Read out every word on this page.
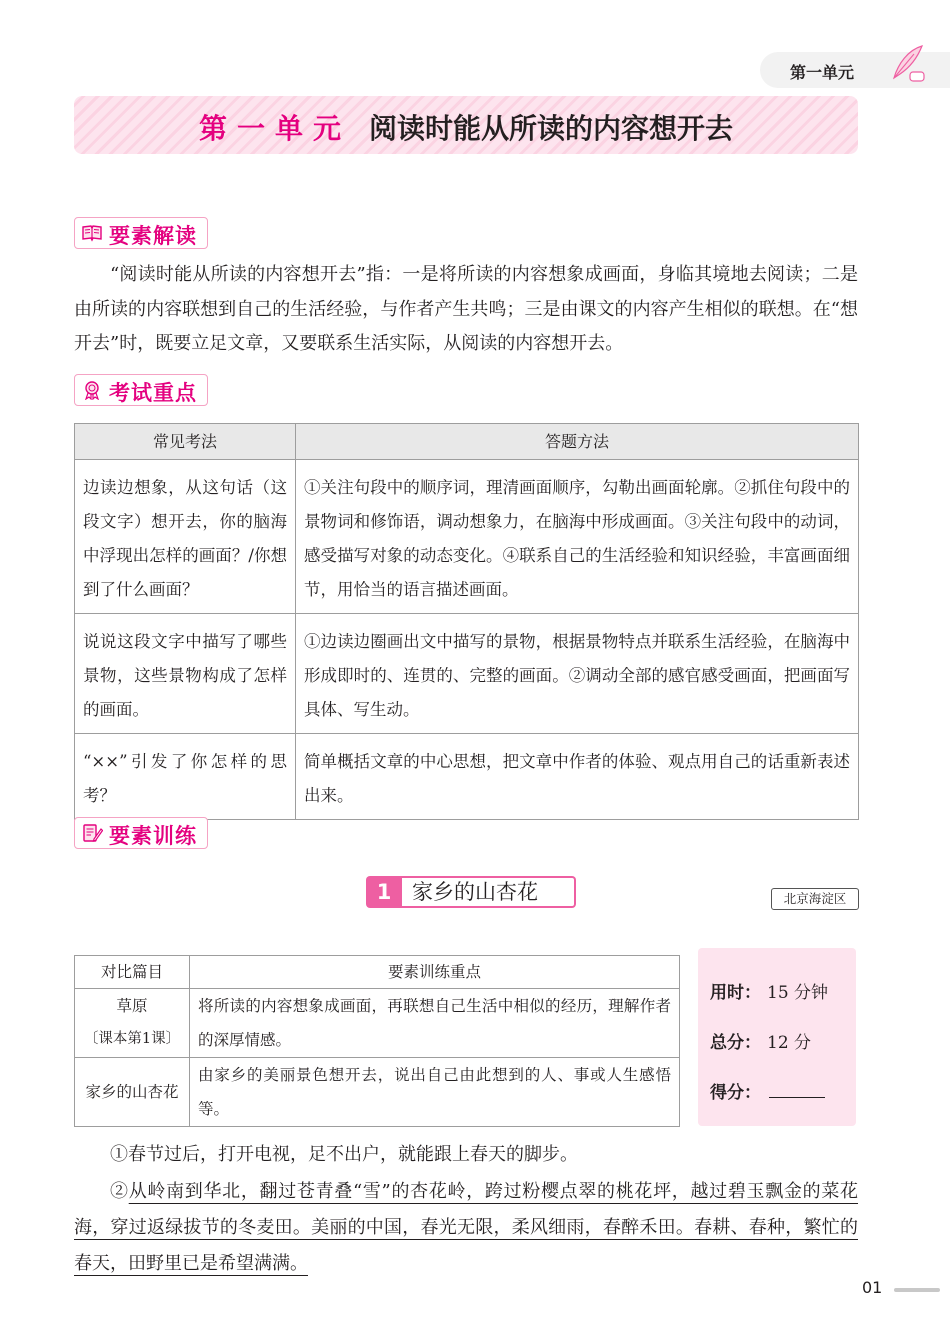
第一单元
第一单元 阅读时能从所读的内容想开去
要素解读
“阅读时能从所读的内容想开去”指：一是将所读的内容想象成画面，身临其境地去阅读；二是由所读的内容联想到自己的生活经验，与作者产生共鸣；三是由课文的内容产生相似的联想。在“想开去”时，既要立足文章，又要联系生活实际，从阅读的内容想开去。
考试重点
常见考法	答题方法
边读边想象，从这句话（这段文字）想开去，你的脑海中浮现出怎样的画面？/你想到了什么画面？	①关注句段中的顺序词，理清画面顺序，勾勒出画面轮廓。②抓住句段中的景物词和修饰语，调动想象力，在脑海中形成画面。③关注句段中的动词，感受描写对象的动态变化。④联系自己的生活经验和知识经验，丰富画面细节，用恰当的语言描述画面。
说说这段文字中描写了哪些景物，这些景物构成了怎样的画面。	①边读边圈画出文中描写的景物，根据景物特点并联系生活经验，在脑海中形成即时的、连贯的、完整的画面。②调动全部的感官感受画面，把画面写具体、写生动。
“××”引发了你怎样的思考？	简单概括文章的中心思想，把文章中作者的体验、观点用自己的话重新表述出来。
要素训练
1 家乡的山杏花	北京海淀区
对比篇目	要素训练重点

草原
〔课本第1课〕	将所读的内容想象成画面，再联想自己生活中相似的经历，理解作者的深厚情感。
家乡的山杏花	由家乡的美丽景色想开去，说出自己由此想到的人、事或人生感悟等。
用时： 15 分钟
总分： 12 分
得分：
①春节过后，打开电视，足不出户，就能跟上春天的脚步。
②从岭南到华北，翻过苍青叠“雪”的杏花岭，跨过粉樱点翠的桃花坪，越过碧玉飘金的菜花海，穿过返绿拔节的冬麦田。美丽的中国，春光无限，柔风细雨，春醉禾田。春耕、春种，繁忙的春天，田野里已是希望满满。
01
